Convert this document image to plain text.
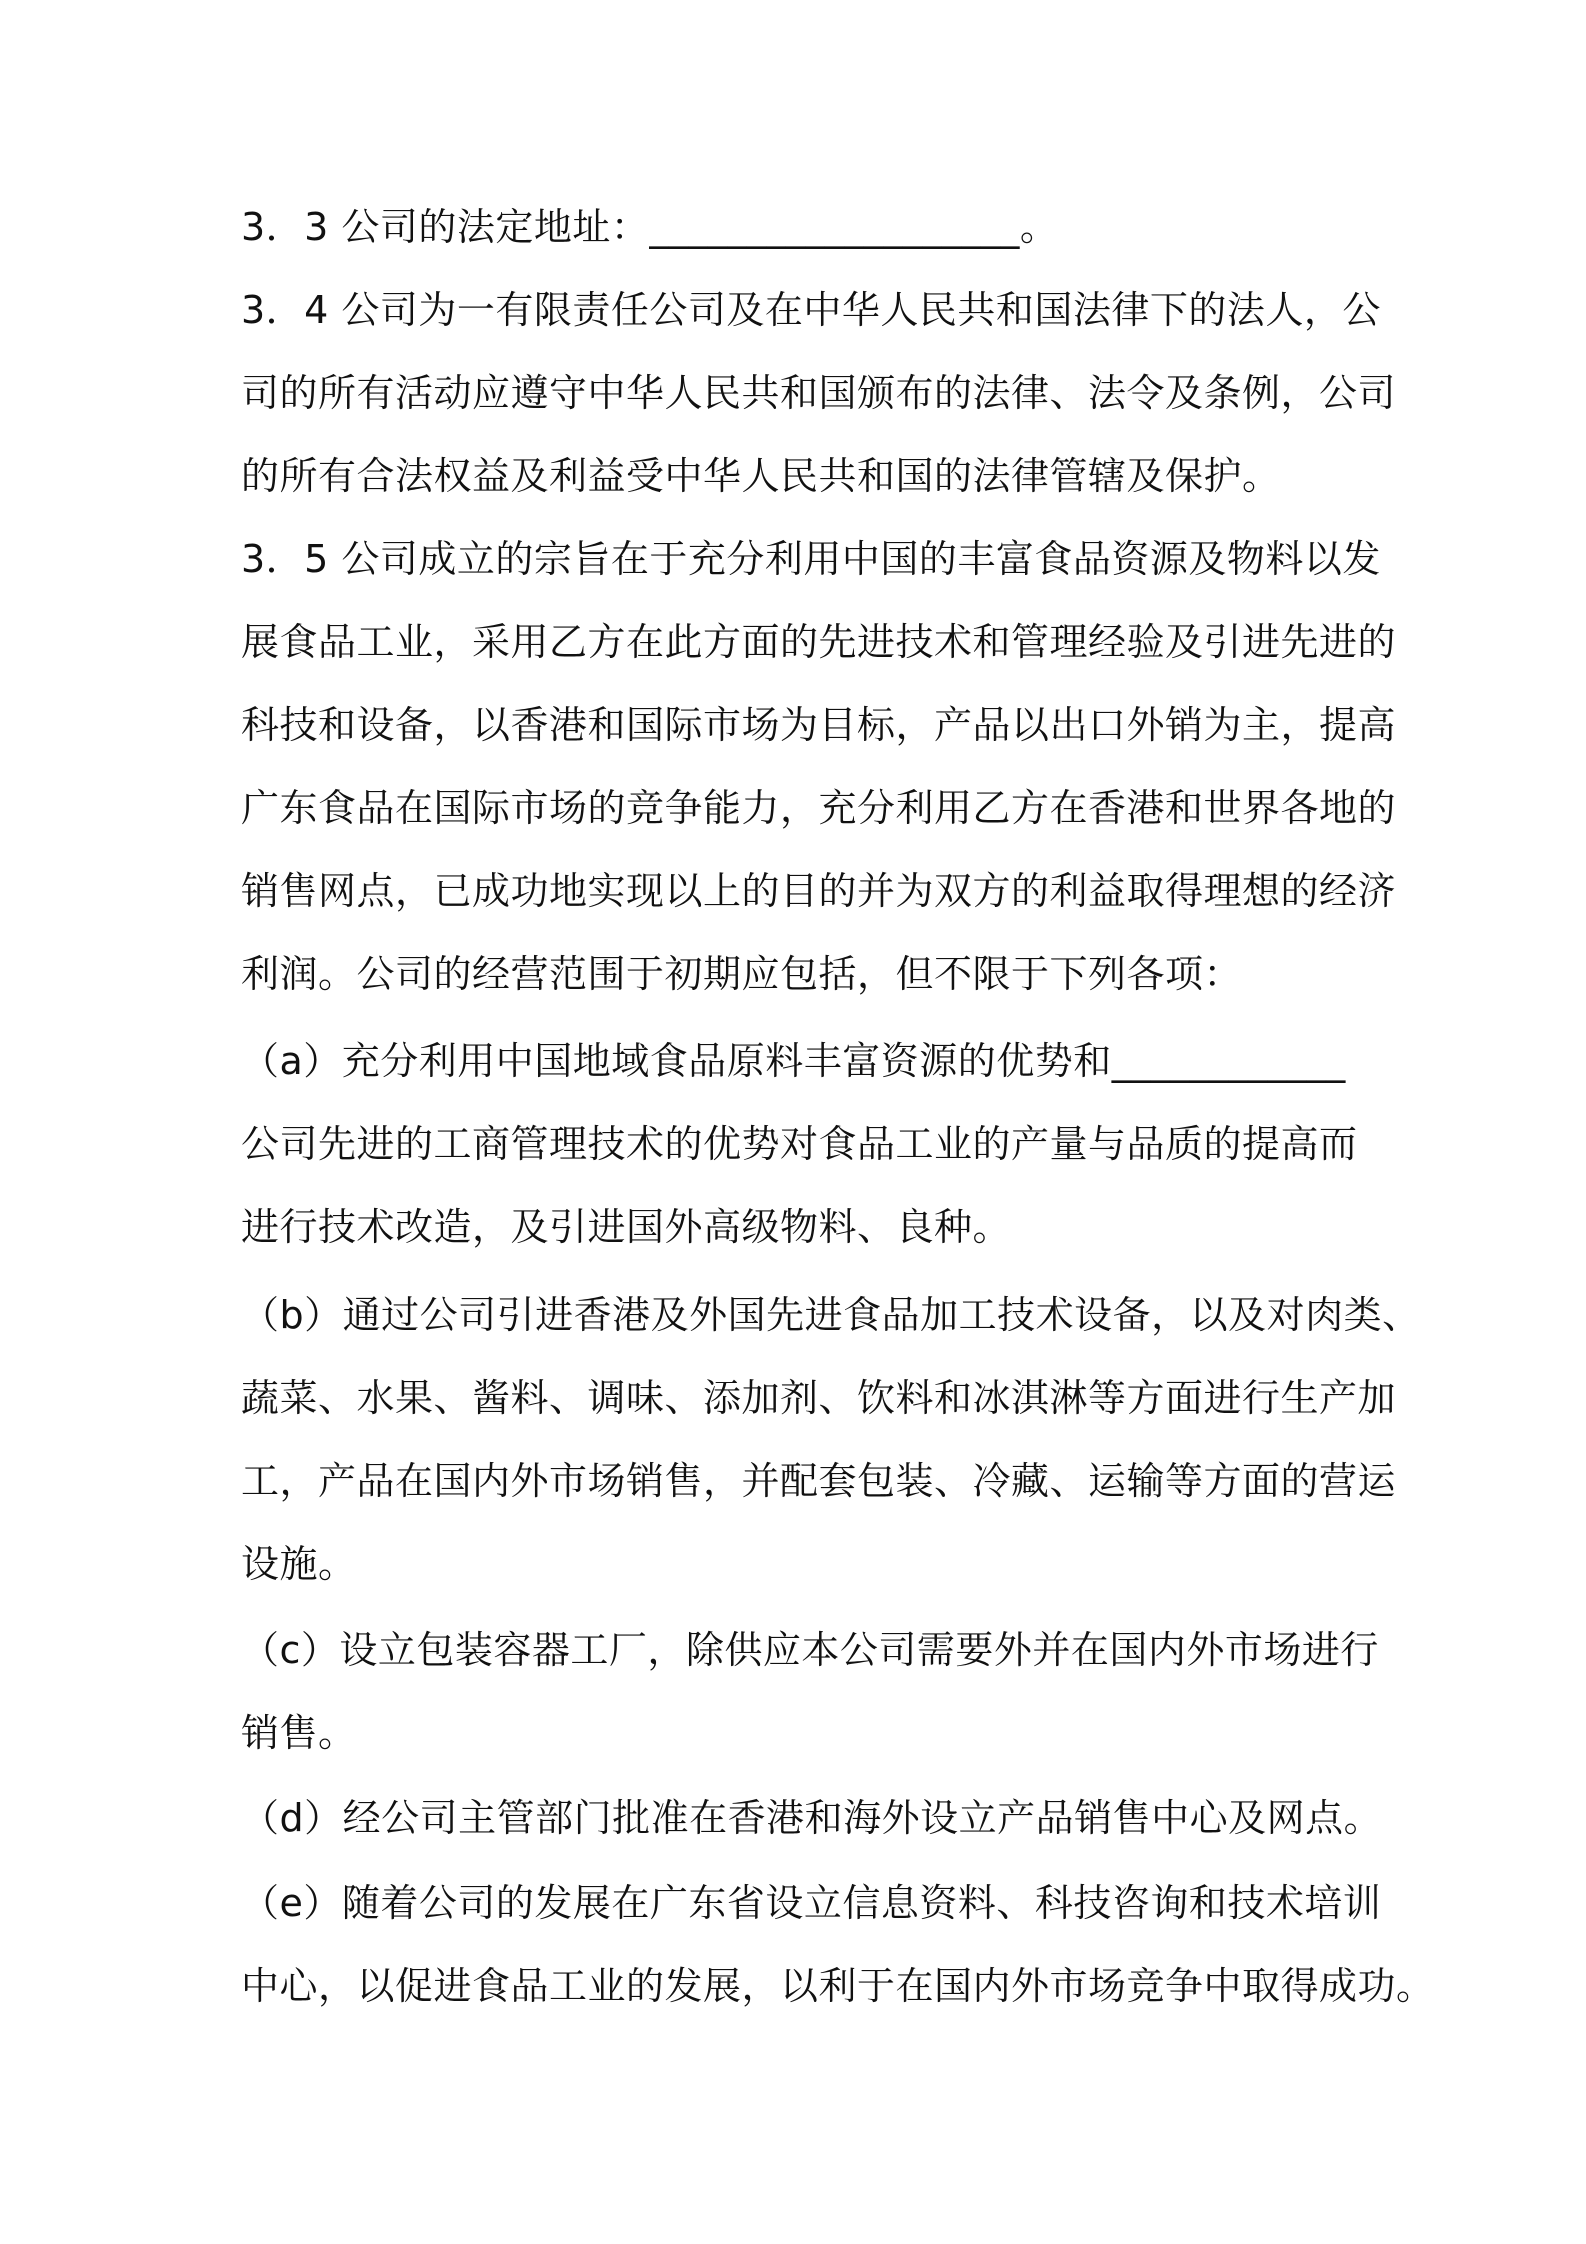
3．3 公司的法定地址：___________________。
3．4 公司为一有限责任公司及在中华人民共和国法律下的法人，公
司的所有活动应遵守中华人民共和国颁布的法律、法令及条例，公司
的所有合法权益及利益受中华人民共和国的法律管辖及保护。
3．5 公司成立的宗旨在于充分利用中国的丰富食品资源及物料以发
展食品工业，采用乙方在此方面的先进技术和管理经验及引进先进的
科技和设备，以香港和国际市场为目标，产品以出口外销为主，提高
广东食品在国际市场的竞争能力，充分利用乙方在香港和世界各地的
销售网点，已成功地实现以上的目的并为双方的利益取得理想的经济
利润。公司的经营范围于初期应包括，但不限于下列各项：
（a）充分利用中国地域食品原料丰富资源的优势和____________
公司先进的工商管理技术的优势对食品工业的产量与品质的提高而
进行技术改造，及引进国外高级物料、良种。
（b）通过公司引进香港及外国先进食品加工技术设备，以及对肉类、
蔬菜、水果、酱料、调味、添加剂、饮料和冰淇淋等方面进行生产加
工，产品在国内外市场销售，并配套包装、冷藏、运输等方面的营运
设施。
（c）设立包装容器工厂，除供应本公司需要外并在国内外市场进行
销售。
（d）经公司主管部门批准在香港和海外设立产品销售中心及网点。
（e）随着公司的发展在广东省设立信息资料、科技咨询和技术培训
中心，以促进食品工业的发展，以利于在国内外市场竞争中取得成功。
